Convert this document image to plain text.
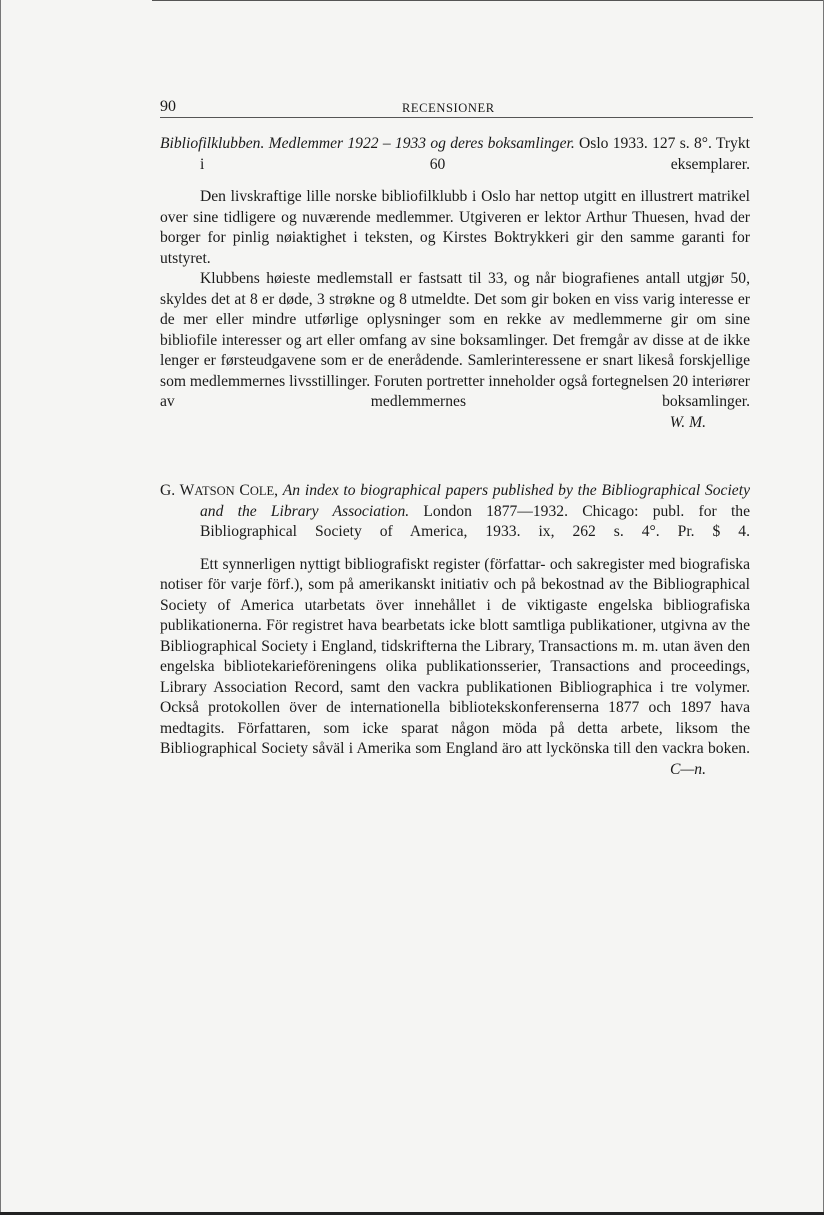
90	RECENSIONER

Bibliofilklubben. Medlemmer 1922 – 1933 og deres boksamlinger. Oslo 1933. 127 s. 8°. Trykt i 60 eksemplarer.

Den livskraftige lille norske bibliofilklubb i Oslo har nettop utgitt en illustrert matrikel over sine tidligere og nuværende medlemmer. Utgiveren er lektor Arthur Thuesen, hvad der borger for pinlig nøiaktighet i teksten, og Kirstes Boktrykkeri gir den samme garanti for utstyret.

Klubbens høieste medlemstall er fastsatt til 33, og når biografienes antall utgjør 50, skyldes det at 8 er døde, 3 strøkne og 8 utmeldte. Det som gir boken en viss varig interesse er de mer eller mindre utførlige oplysninger som en rekke av medlemmerne gir om sine bibliofile interesser og art eller omfang av sine boksamlinger. Det fremgår av disse at de ikke lenger er førsteudgavene som er de enerådende. Samlerinteressene er snart likeså forskjellige som medlemmernes livsstillinger. Foruten portretter inneholder også fortegnelsen 20 interiører av medlemmernes boksamlinger.

W. M.

G. WATSON COLE, An index to biographical papers published by the Bibliographical Society and the Library Association. London 1877—1932. Chicago: publ. for the Bibliographical Society of America, 1933. ix, 262 s. 4°. Pr. $ 4.

Ett synnerligen nyttigt bibliografiskt register (författar- och sakregister med biografiska notiser för varje förf.), som på amerikanskt initiativ och på bekostnad av the Bibliographical Society of America utarbetats över innehållet i de viktigaste engelska bibliografiska publikationerna. För registret hava bearbetats icke blott samtliga publikationer, utgivna av the Bibliographical Society i England, tidskrifterna the Library, Transactions m. m. utan även den engelska bibliotekarieföreningens olika publikationsserier, Transactions and proceedings, Library Association Record, samt den vackra publikationen Bibliographica i tre volymer. Också protokollen över de internationella bibliotekskonferenserna 1877 och 1897 hava medtagits. Författaren, som icke sparat någon möda på detta arbete, liksom the Bibliographical Society såväl i Amerika som England äro att lyckönska till den vackra boken.

C—n.
